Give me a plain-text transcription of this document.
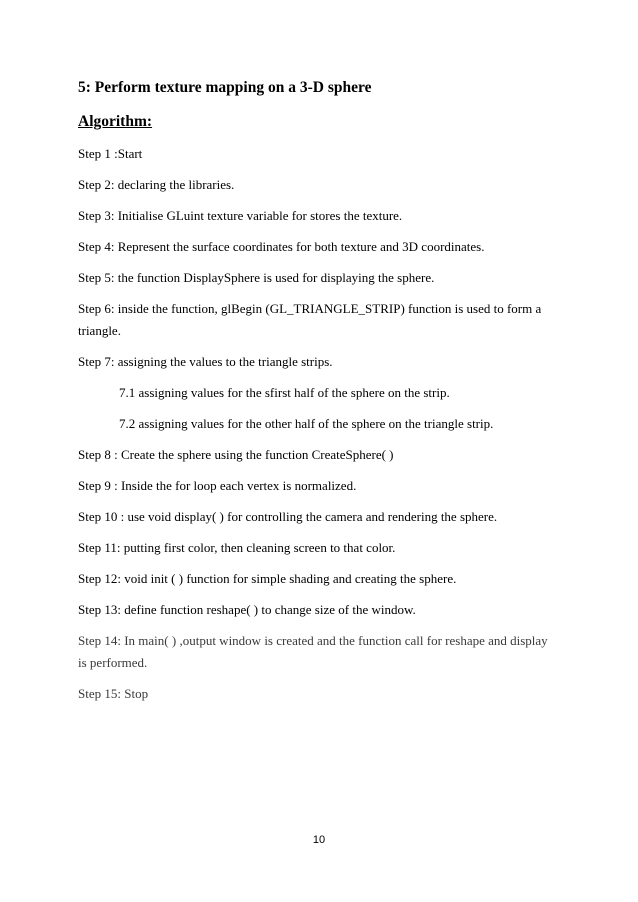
5: Perform texture mapping on a 3-D sphere
Algorithm:
Step 1 :Start
Step 2: declaring the libraries.
Step 3: Initialise GLuint texture variable for stores the texture.
Step 4: Represent the surface coordinates for both texture and 3D coordinates.
Step 5: the function DisplaySphere is used for displaying the sphere.
Step 6: inside the function, glBegin (GL_TRIANGLE_STRIP) function is used to form a triangle.
Step 7: assigning the values to the triangle strips.
7.1 assigning values for the sfirst half of the sphere on the strip.
7.2 assigning values for the other half of the sphere on the triangle strip.
Step 8 : Create the sphere using the function CreateSphere( )
Step 9 : Inside the for loop each vertex is normalized.
Step 10 : use void display( ) for controlling the camera and rendering the sphere.
Step 11: putting first color, then cleaning screen to that color.
Step 12: void init ( ) function for simple shading and creating the sphere.
Step 13: define function reshape( ) to change size of the window.
Step 14: In main( ) ,output window is created and the function call for reshape and display is performed.
Step 15: Stop
10
